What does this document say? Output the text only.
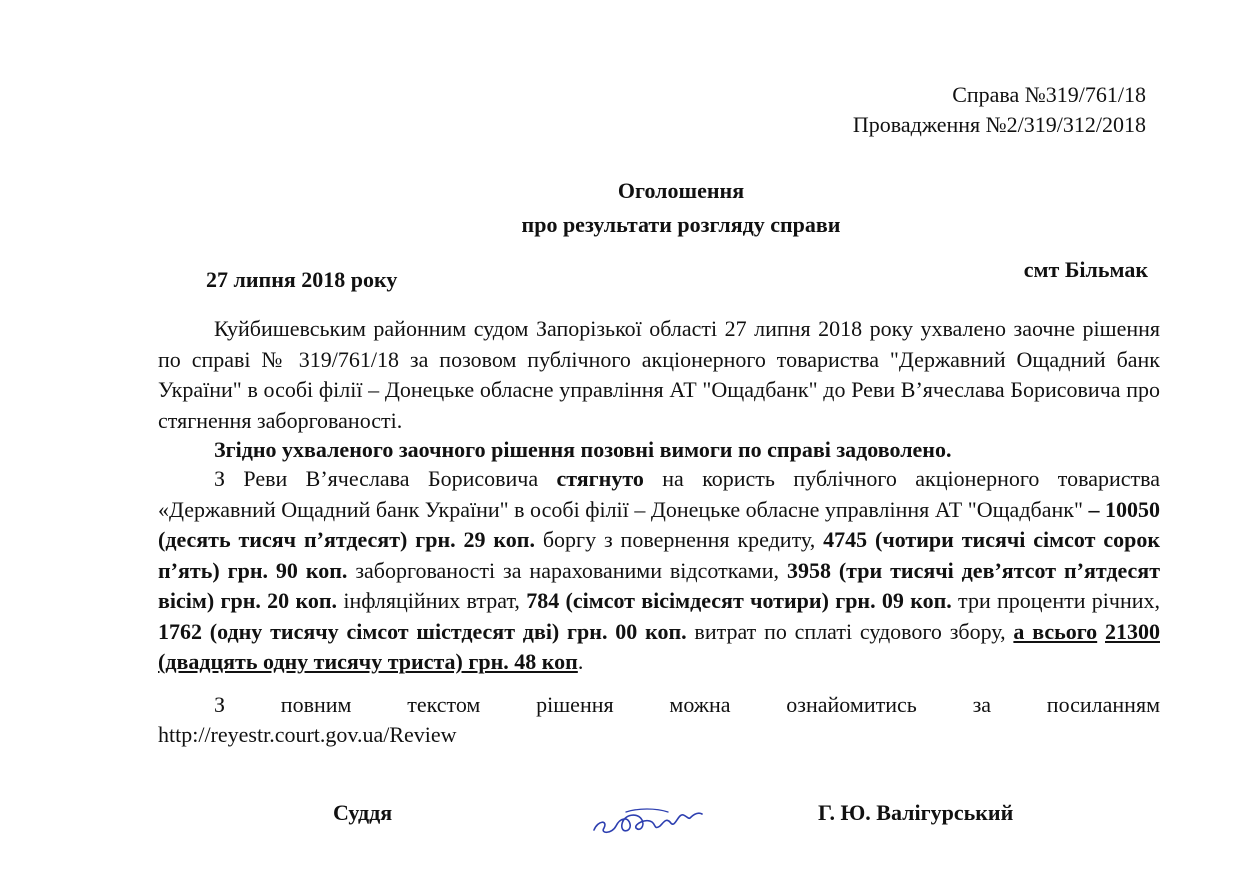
Справа №319/761/18
Провадження №2/319/312/2018
Оголошення
про результати розгляду справи
27 липня 2018 року	смт Більмак

Куйбишевським районним судом Запорізької області 27 липня 2018 року ухвалено заочне рішення по справі № 319/761/18 за позовом публічного акціонерного товариства "Державний Ощадний банк України" в особі філії – Донецьке обласне управління АТ "Ощадбанк" до Реви В’ячеслава Борисовича про стягнення заборгованості.

Згідно ухваленого заочного рішення позовні вимоги по справі задоволено.

З Реви В’ячеслава Борисовича стягнуто на користь публічного акціонерного товариства «Державний Ощадний банк України" в особі філії – Донецьке обласне управління АТ "Ощадбанк" – 10050 (десять тисяч п’ятдесят) грн. 29 коп. боргу з повернення кредиту, 4745 (чотири тисячі сімсот сорок п’ять) грн. 90 коп. заборгованості за нарахованими відсотками, 3958 (три тисячі дев’ятсот п’ятдесят вісім) грн. 20 коп. інфляційних втрат, 784 (сімсот вісімдесят чотири) грн. 09 коп. три проценти річних, 1762 (одну тисячу сімсот шістдесят дві) грн. 00 коп. витрат по сплаті судового збору, а всього 21300 (двадцять одну тисячу триста) грн. 48 коп.

З повним текстом рішення можна ознайомитись за посиланням

http://reyestr.court.gov.ua/Review

Суддя	Г. Ю. Валігурський
